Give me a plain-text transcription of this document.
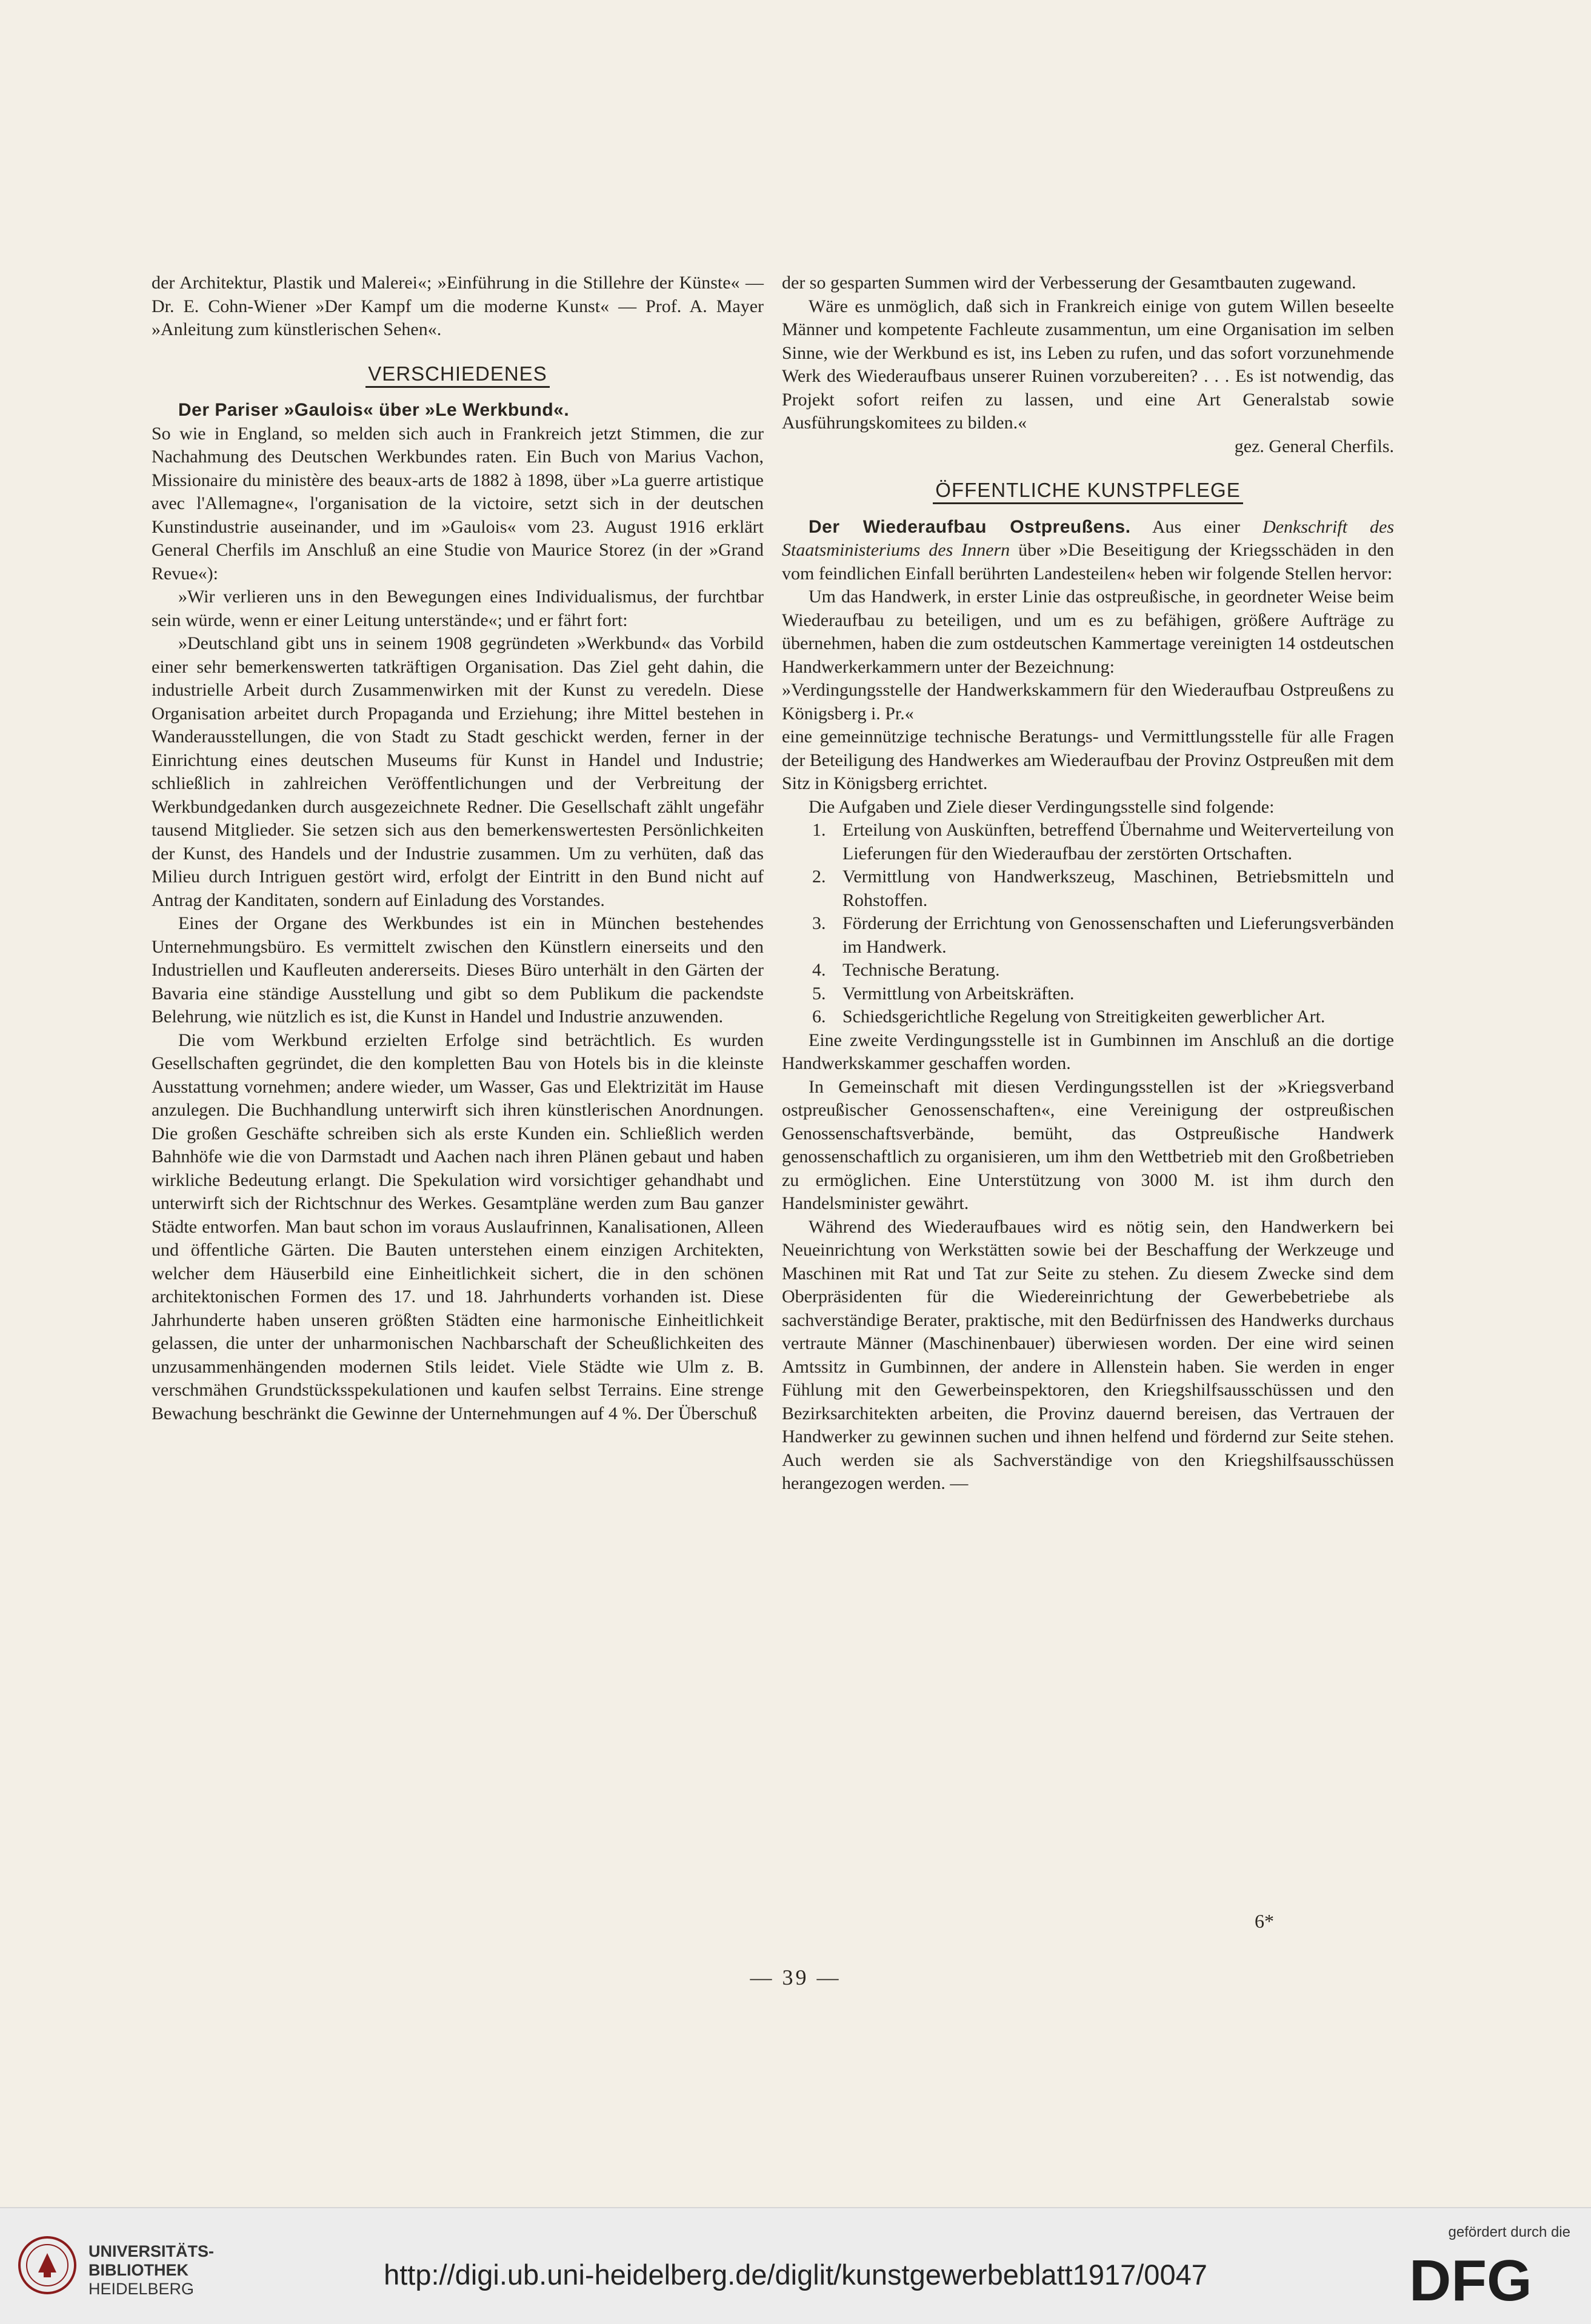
der Architektur, Plastik und Malerei«; »Einführung in die Stillehre der Künste« — Dr. E. Cohn-Wiener »Der Kampf um die moderne Kunst« — Prof. A. Mayer »Anleitung zum künstlerischen Sehen«.

VERSCHIEDENES

Der Pariser »Gaulois« über »Le Werkbund«.

So wie in England, so melden sich auch in Frankreich jetzt Stimmen, die zur Nachahmung des Deutschen Werkbundes raten. Ein Buch von Marius Vachon, Missionaire du ministère des beaux-arts de 1882 à 1898, über »La guerre artistique avec l'Allemagne«, l'organisation de la victoire, setzt sich in der deutschen Kunstindustrie auseinander, und im »Gaulois« vom 23. August 1916 erklärt General Cherfils im Anschluß an eine Studie von Maurice Storez (in der »Grand Revue«):

»Wir verlieren uns in den Bewegungen eines Individualismus, der furchtbar sein würde, wenn er einer Leitung unterstände«; und er fährt fort:

»Deutschland gibt uns in seinem 1908 gegründeten »Werkbund« das Vorbild einer sehr bemerkenswerten tatkräftigen Organisation. Das Ziel geht dahin, die industrielle Arbeit durch Zusammenwirken mit der Kunst zu veredeln. Diese Organisation arbeitet durch Propaganda und Erziehung; ihre Mittel bestehen in Wanderausstellungen, die von Stadt zu Stadt geschickt werden, ferner in der Einrichtung eines deutschen Museums für Kunst in Handel und Industrie; schließlich in zahlreichen Veröffentlichungen und der Verbreitung der Werkbundgedanken durch ausgezeichnete Redner. Die Gesellschaft zählt ungefähr tausend Mitglieder. Sie setzen sich aus den bemerkenswertesten Persönlichkeiten der Kunst, des Handels und der Industrie zusammen. Um zu verhüten, daß das Milieu durch Intriguen gestört wird, erfolgt der Eintritt in den Bund nicht auf Antrag der Kanditaten, sondern auf Einladung des Vorstandes.

Eines der Organe des Werkbundes ist ein in München bestehendes Unternehmungsbüro. Es vermittelt zwischen den Künstlern einerseits und den Industriellen und Kaufleuten andererseits. Dieses Büro unterhält in den Gärten der Bavaria eine ständige Ausstellung und gibt so dem Publikum die packendste Belehrung, wie nützlich es ist, die Kunst in Handel und Industrie anzuwenden.

Die vom Werkbund erzielten Erfolge sind beträchtlich. Es wurden Gesellschaften gegründet, die den kompletten Bau von Hotels bis in die kleinste Ausstattung vornehmen; andere wieder, um Wasser, Gas und Elektrizität im Hause anzulegen. Die Buchhandlung unterwirft sich ihren künstlerischen Anordnungen. Die großen Geschäfte schreiben sich als erste Kunden ein. Schließlich werden Bahnhöfe wie die von Darmstadt und Aachen nach ihren Plänen gebaut und haben wirkliche Bedeutung erlangt. Die Spekulation wird vorsichtiger gehandhabt und unterwirft sich der Richtschnur des Werkes. Gesamtpläne werden zum Bau ganzer Städte entworfen. Man baut schon im voraus Auslaufrinnen, Kanalisationen, Alleen und öffentliche Gärten. Die Bauten unterstehen einem einzigen Architekten, welcher dem Häuserbild eine Einheitlichkeit sichert, die in den schönen architektonischen Formen des 17. und 18. Jahrhunderts vorhanden ist. Diese Jahrhunderte haben unseren größten Städten eine harmonische Einheitlichkeit gelassen, die unter der unharmonischen Nachbarschaft der Scheußlichkeiten des unzusammenhängenden modernen Stils leidet. Viele Städte wie Ulm z. B. verschmähen Grundstücksspekulationen und kaufen selbst Terrains. Eine strenge Bewachung beschränkt die Gewinne der Unternehmungen auf 4 %. Der Überschuß

der so gesparten Summen wird der Verbesserung der Gesamtbauten zugewand.

Wäre es unmöglich, daß sich in Frankreich einige von gutem Willen beseelte Männer und kompetente Fachleute zusammentun, um eine Organisation im selben Sinne, wie der Werkbund es ist, ins Leben zu rufen, und das sofort vorzunehmende Werk des Wiederaufbaus unserer Ruinen vorzubereiten? . . . Es ist notwendig, das Projekt sofort reifen zu lassen, und eine Art Generalstab sowie Ausführungskomitees zu bilden.«

gez. General Cherfils.
ÖFFENTLICHE KUNSTPFLEGE

Der Wiederaufbau Ostpreußens. Aus einer Denkschrift des Staatsministeriums des Innern über »Die Beseitigung der Kriegsschäden in den vom feindlichen Einfall berührten Landesteilen« heben wir folgende Stellen hervor:

Um das Handwerk, in erster Linie das ostpreußische, in geordneter Weise beim Wiederaufbau zu beteiligen, und um es zu befähigen, größere Aufträge zu übernehmen, haben die zum ostdeutschen Kammertage vereinigten 14 ostdeutschen Handwerkerkammern unter der Bezeichnung:

»Verdingungsstelle der Handwerkskammern für den Wiederaufbau Ostpreußens zu Königsberg i. Pr.«

eine gemeinnützige technische Beratungs- und Vermittlungsstelle für alle Fragen der Beteiligung des Handwerkes am Wiederaufbau der Provinz Ostpreußen mit dem Sitz in Königsberg errichtet.

Die Aufgaben und Ziele dieser Verdingungsstelle sind folgende:

1. Erteilung von Auskünften, betreffend Übernahme und Weiterverteilung von Lieferungen für den Wiederaufbau der zerstörten Ortschaften.
2. Vermittlung von Handwerkszeug, Maschinen, Betriebsmitteln und Rohstoffen.
3. Förderung der Errichtung von Genossenschaften und Lieferungsverbänden im Handwerk.
4. Technische Beratung.
5. Vermittlung von Arbeitskräften.
6. Schiedsgerichtliche Regelung von Streitigkeiten gewerblicher Art.

Eine zweite Verdingungsstelle ist in Gumbinnen im Anschluß an die dortige Handwerkskammer geschaffen worden.

In Gemeinschaft mit diesen Verdingungsstellen ist der »Kriegsverband ostpreußischer Genossenschaften«, eine Vereinigung der ostpreußischen Genossenschaftsverbände, bemüht, das Ostpreußische Handwerk genossenschaftlich zu organisieren, um ihm den Wettbetrieb mit den Großbetrieben zu ermöglichen. Eine Unterstützung von 3000 M. ist ihm durch den Handelsminister gewährt.

Während des Wiederaufbaues wird es nötig sein, den Handwerkern bei Neueinrichtung von Werkstätten sowie bei der Beschaffung der Werkzeuge und Maschinen mit Rat und Tat zur Seite zu stehen. Zu diesem Zwecke sind dem Oberpräsidenten für die Wiedereinrichtung der Gewerbebetriebe als sachverständige Berater, praktische, mit den Bedürfnissen des Handwerks durchaus vertraute Männer (Maschinenbauer) überwiesen worden. Der eine wird seinen Amtssitz in Gumbinnen, der andere in Allenstein haben. Sie werden in enger Fühlung mit den Gewerbeinspektoren, den Kriegshilfsausschüssen und den Bezirksarchitekten arbeiten, die Provinz dauernd bereisen, das Vertrauen der Handwerker zu gewinnen suchen und ihnen helfend und fördernd zur Seite stehen. Auch werden sie als Sachverständige von den Kriegshilfsausschüssen herangezogen werden. —

6*
— 39 —
UNIVERSITÄTS-
BIBLIOTHEK
HEIDELBERG	http://digi.ub.uni-heidelberg.de/diglit/kunstgewerbeblatt1917/0047
gefördert durch die
DFG
